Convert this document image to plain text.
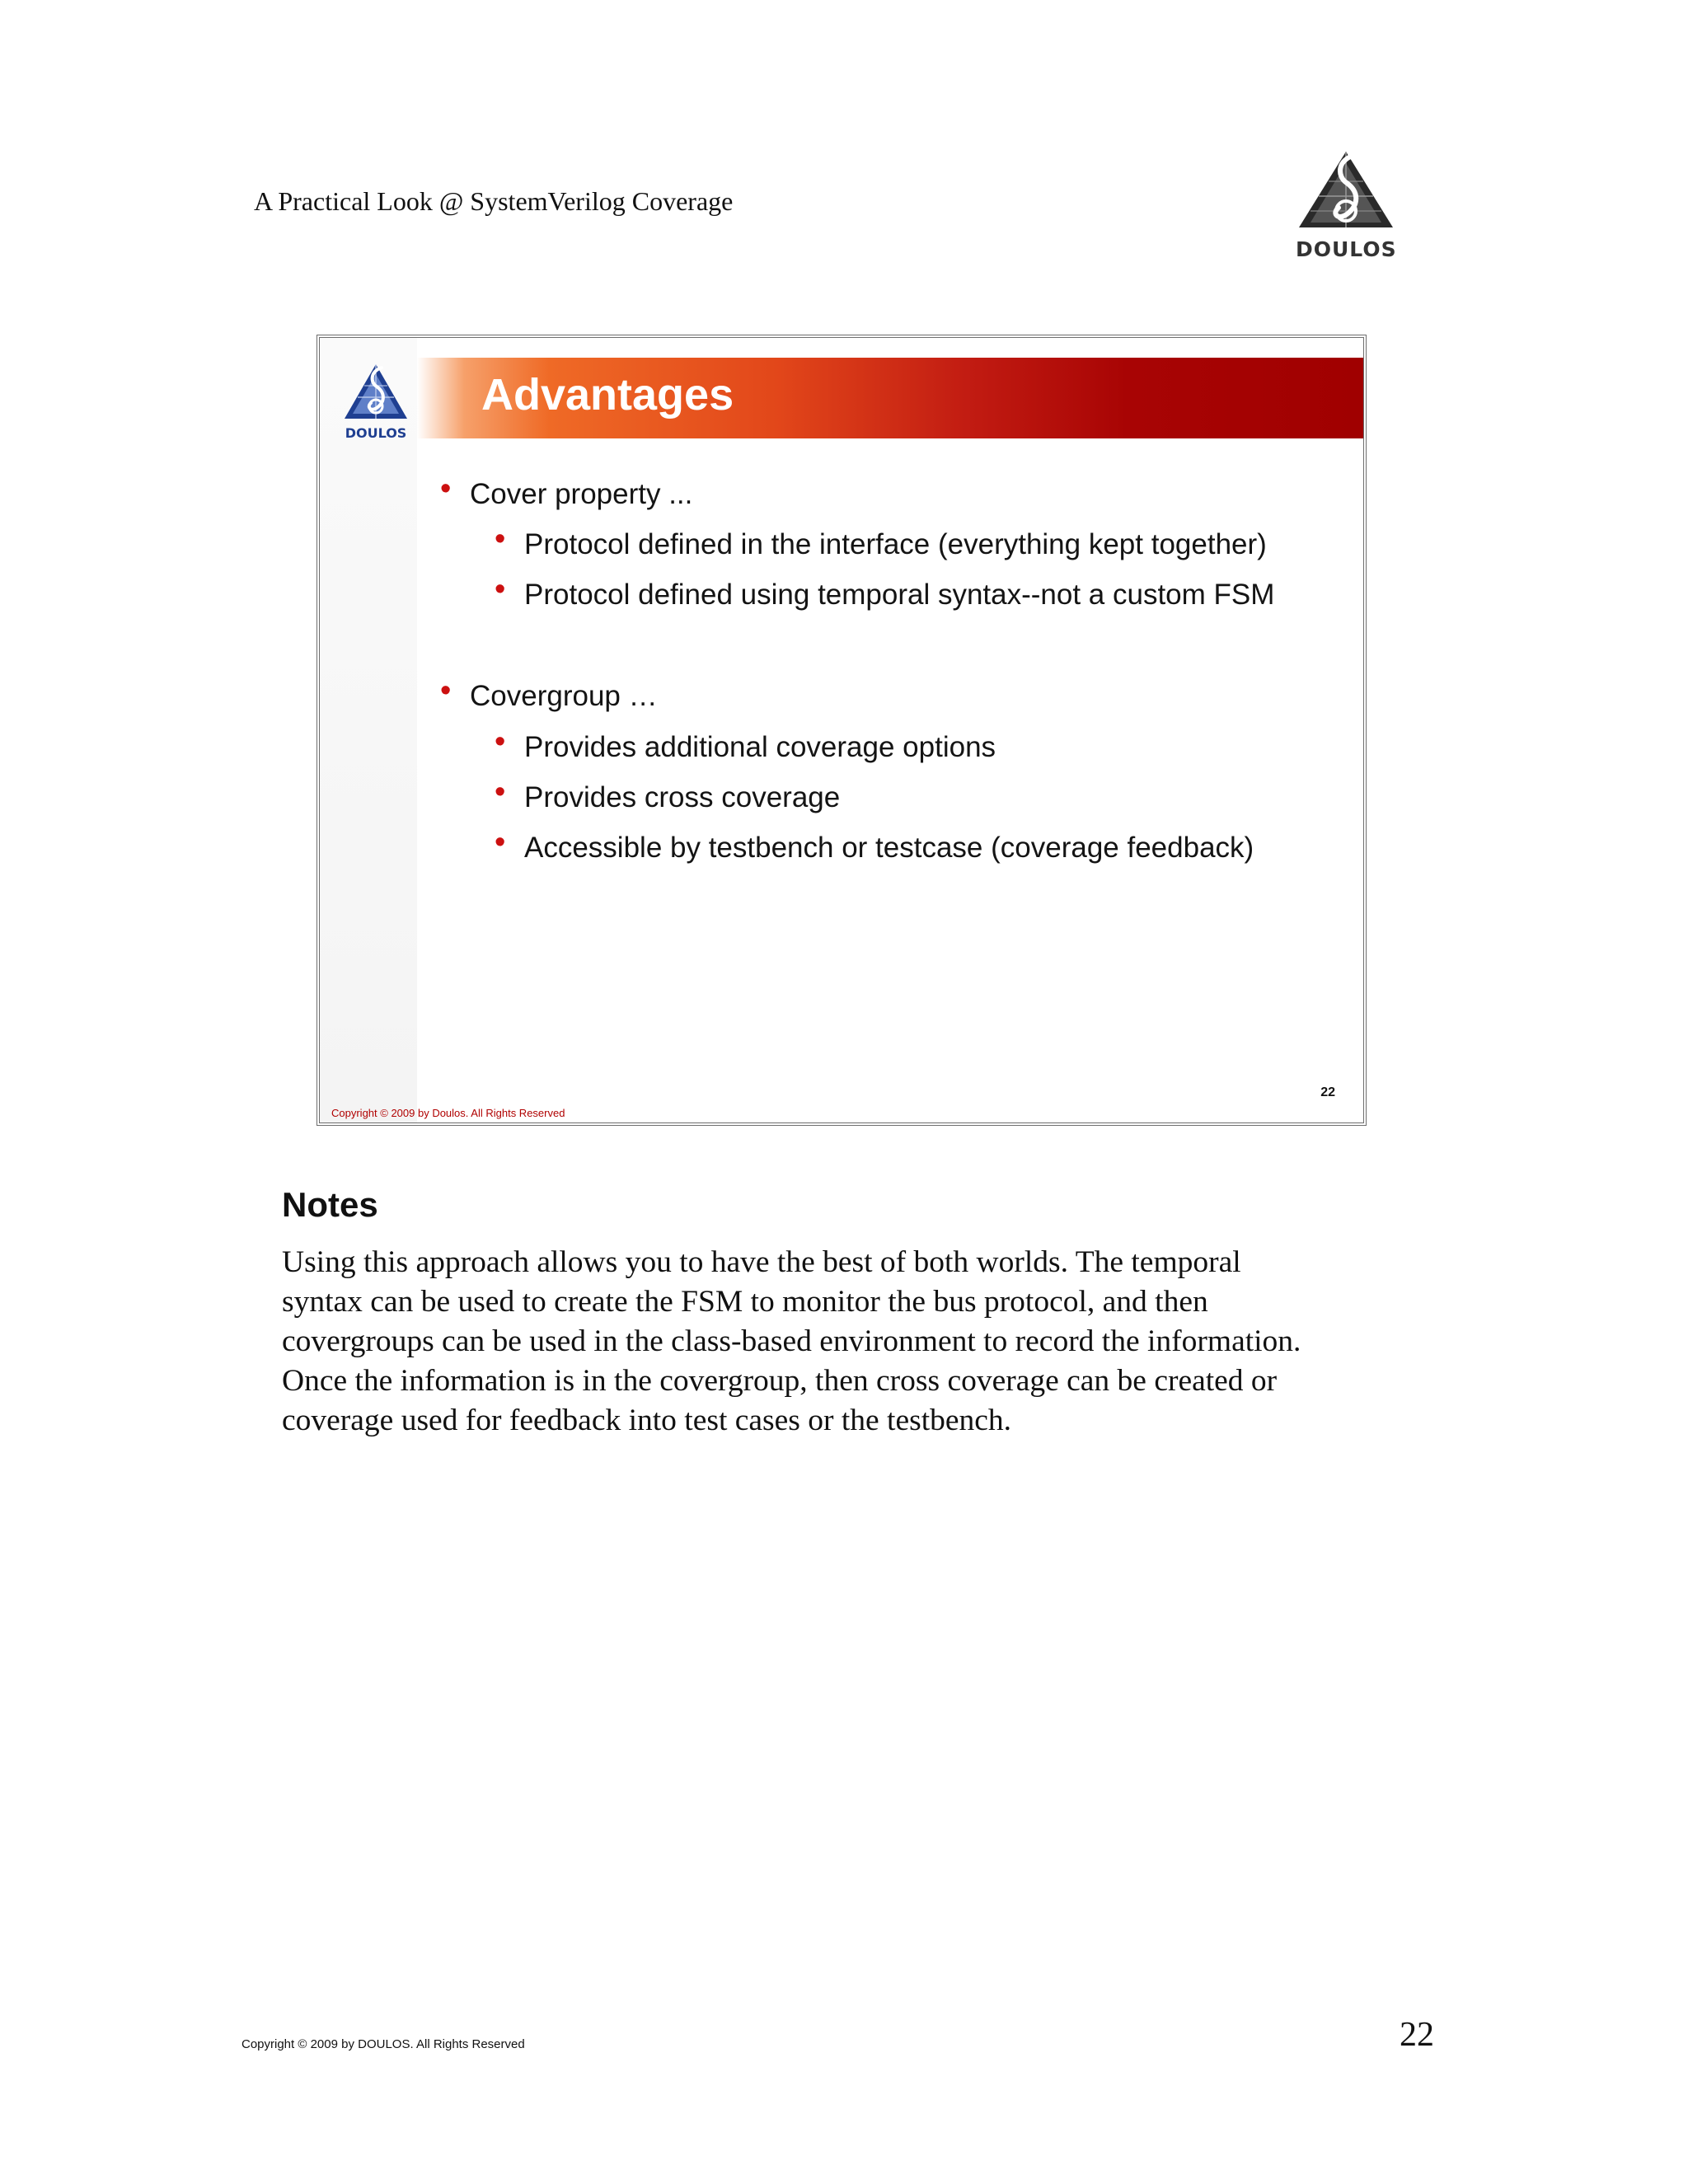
A Practical Look @ SystemVerilog Coverage
DOULOS
DOULOS
Advantages
• Cover property ...
• Protocol defined in the interface (everything kept together)
• Protocol defined using temporal syntax--not a custom FSM
• Covergroup …
• Provides additional coverage options
• Provides cross coverage
• Accessible by testbench or testcase (coverage feedback)
22
Copyright © 2009 by Doulos. All Rights Reserved
Notes
Using this approach allows you to have the best of both worlds. The temporal
syntax can be used to create the FSM to monitor the bus protocol, and then
covergroups can be used in the class-based environment to record the information.
Once the information is in the covergroup, then cross coverage can be created or
coverage used for feedback into test cases or the testbench.
Copyright © 2009 by DOULOS. All Rights Reserved	22
